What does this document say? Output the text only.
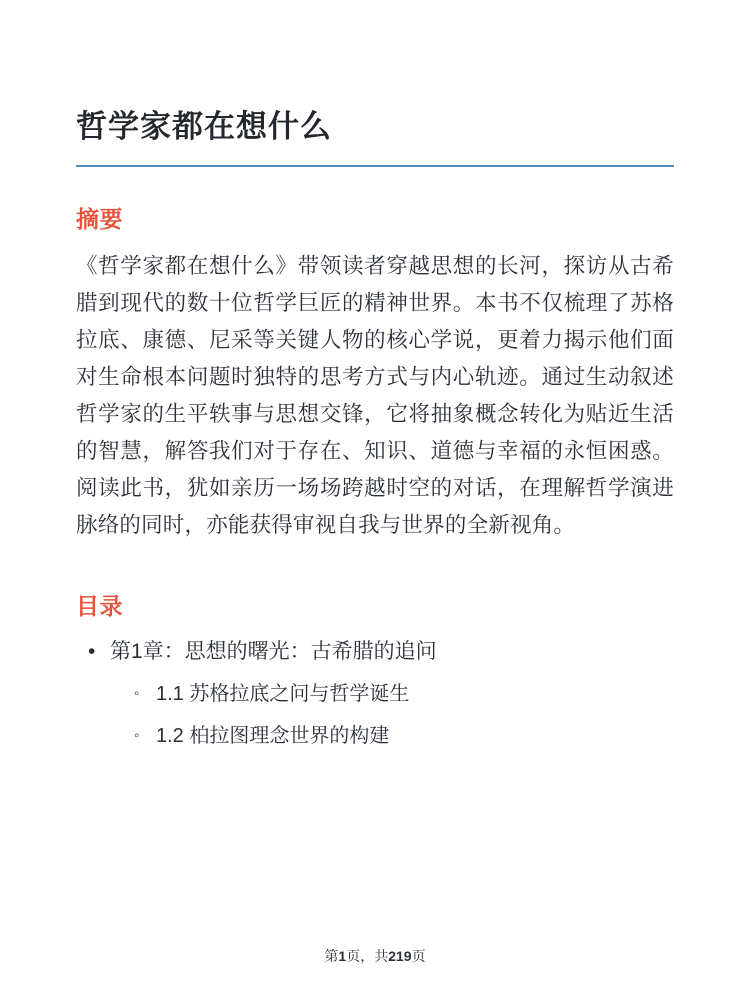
哲学家都在想什么
摘要

《哲学家都在想什么》带领读者穿越思想的长河，探访从古希腊到现代的数十位哲学巨匠的精神世界。本书不仅梳理了苏格拉底、康德、尼采等关键人物的核心学说，更着力揭示他们面对生命根本问题时独特的思考方式与内心轨迹。通过生动叙述哲学家的生平轶事与思想交锋，它将抽象概念转化为贴近生活的智慧，解答我们对于存在、知识、道德与幸福的永恒困惑。阅读此书，犹如亲历一场场跨越时空的对话，在理解哲学演进脉络的同时，亦能获得审视自我与世界的全新视角。

目录
• 第1章：思想的曙光：古希腊的追问
◦ 1.1 苏格拉底之问与哲学诞生
◦ 1.2 柏拉图理念世界的构建
第1页，共219页
